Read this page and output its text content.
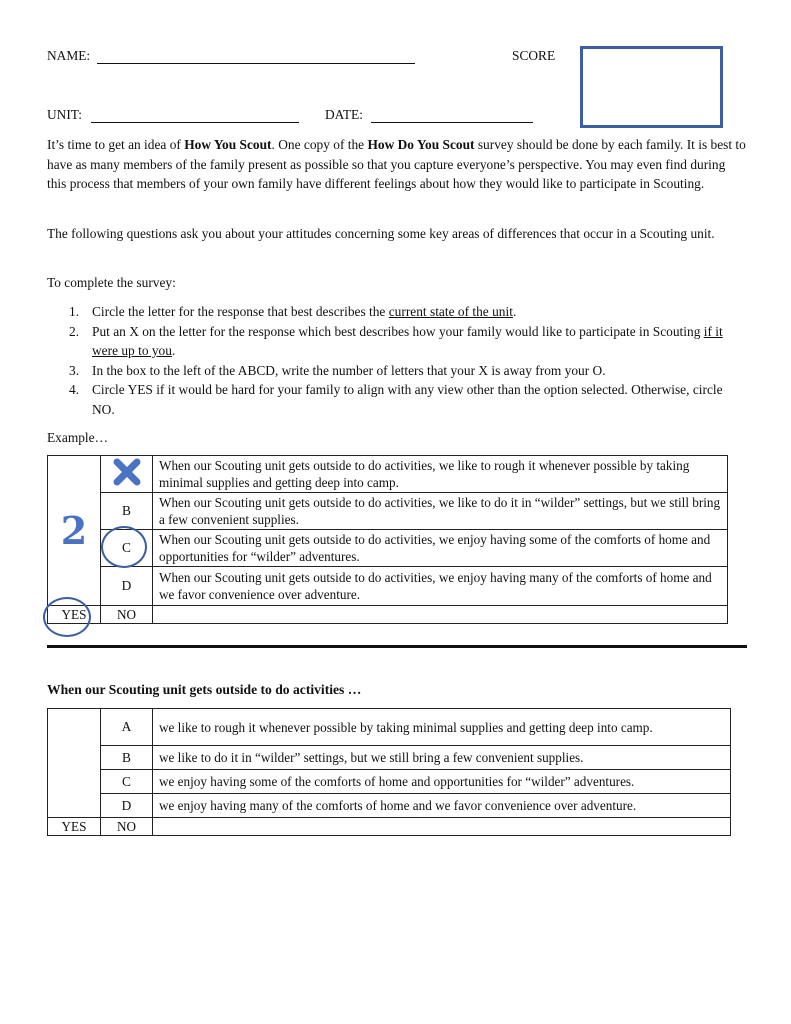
NAME:	SCORE
UNIT:	DATE:

It’s time to get an idea of How You Scout. One copy of the How Do You Scout survey should be done by each family. It is best to have as many members of the family present as possible so that you capture everyone’s perspective. You may even find during this process that members of your own family have different feelings about how they would like to participate in Scouting.

The following questions ask you about your attitudes concerning some key areas of differences that occur in a Scouting unit.

To complete the survey:

1. Circle the letter for the response that best describes the current state of the unit.
2. Put an X on the letter for the response which best describes how your family would like to participate in Scouting if it were up to you.
3. In the box to the left of the ABCD, write the number of letters that your X is away from your O.
4. Circle YES if it would be hard for your family to align with any view other than the option selected. Otherwise, circle NO.
Example…
2		When our Scouting unit gets outside to do activities, we like to rough it whenever possible by taking minimal supplies and getting deep into camp.
	B	When our Scouting unit gets outside to do activities, we like to do it in “wilder” settings, but we still bring a few convenient supplies.
	C	When our Scouting unit gets outside to do activities, we enjoy having some of the comforts of home and opportunities for “wilder” adventures.
	D	When our Scouting unit gets outside to do activities, we enjoy having many of the comforts of home and we favor convenience over adventure.
YES	NO	
When our Scouting unit gets outside to do activities …
	A	we like to rough it whenever possible by taking minimal supplies and getting deep into camp.
	B	we like to do it in “wilder” settings, but we still bring a few convenient supplies.
	C	we enjoy having some of the comforts of home and opportunities for “wilder” adventures.
	D	we enjoy having many of the comforts of home and we favor convenience over adventure.
YES	NO	
